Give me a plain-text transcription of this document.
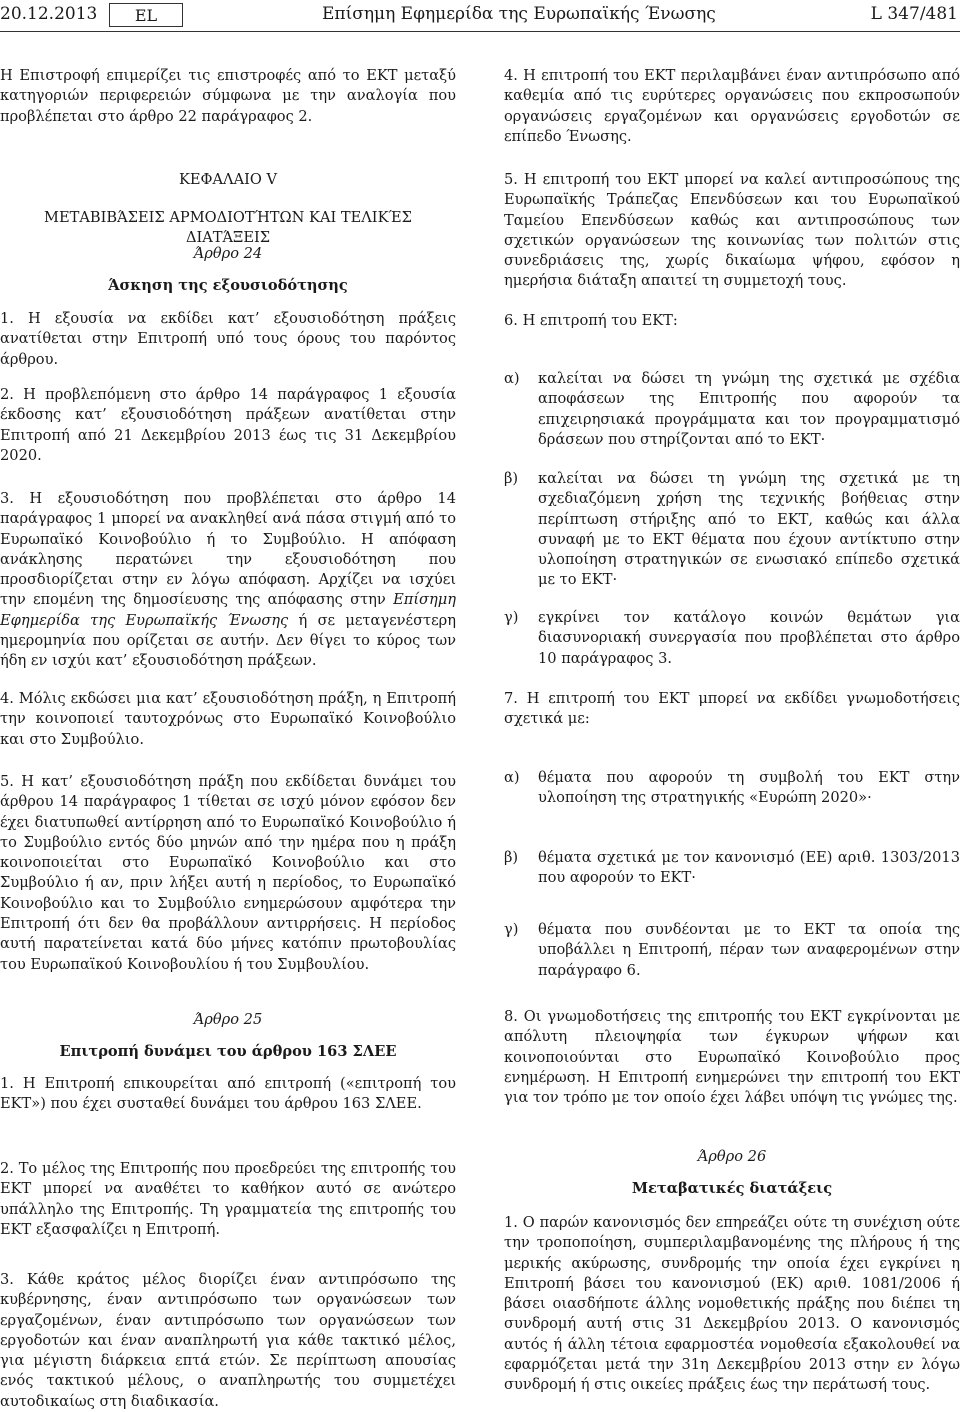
20.12.2013	EL	Επίσημη Εφημερίδα της Ευρωπαϊκής Ένωσης	L 347/481

Η Επιστροφή επιμερίζει τις επιστροφές από το ΕΚΤ μεταξύ κατηγοριών περιφερειών σύμφωνα με την αναλογία που προβλέπεται στο άρθρο 22 παράγραφος 2.

ΚΕΦΑΛΑΙΟ V

ΜΕΤΑΒΙΒΆΣΕΙΣ ΑΡΜΟΔΙΟΤΉΤΩΝ ΚΑΙ ΤΕΛΙΚΈΣ ΔΙΑΤΆΞΕΙΣ

Άρθρο 24

Άσκηση της εξουσιοδότησης

1. Η εξουσία να εκδίδει κατ’ εξουσιοδότηση πράξεις ανατίθεται στην Επιτροπή υπό τους όρους του παρόντος άρθρου.

2. Η προβλεπόμενη στο άρθρο 14 παράγραφος 1 εξουσία έκδοσης κατ’ εξουσιοδότηση πράξεων ανατίθεται στην Επιτροπή από 21 Δεκεμβρίου 2013 έως τις 31 Δεκεμβρίου 2020.

3. Η εξουσιοδότηση που προβλέπεται στο άρθρο 14 παράγραφος 1 μπορεί να ανακληθεί ανά πάσα στιγμή από το Ευρωπαϊκό Κοινοβούλιο ή το Συμβούλιο. Η απόφαση ανάκλησης περατώνει την εξουσιοδότηση που προσδιορίζεται στην εν λόγω απόφαση. Αρχίζει να ισχύει την επομένη της δημοσίευσης της απόφασης στην Επίσημη Εφημερίδα της Ευρωπαϊκής Ένωσης ή σε μεταγενέστερη ημερομηνία που ορίζεται σε αυτήν. Δεν θίγει το κύρος των ήδη εν ισχύι κατ’ εξουσιοδότηση πράξεων.

4. Μόλις εκδώσει μια κατ’ εξουσιοδότηση πράξη, η Επιτροπή την κοινοποιεί ταυτοχρόνως στο Ευρωπαϊκό Κοινοβούλιο και στο Συμβούλιο.

5. Η κατ’ εξουσιοδότηση πράξη που εκδίδεται δυνάμει του άρθρου 14 παράγραφος 1 τίθεται σε ισχύ μόνον εφόσον δεν έχει διατυπωθεί αντίρρηση από το Ευρωπαϊκό Κοινοβούλιο ή το Συμβούλιο εντός δύο μηνών από την ημέρα που η πράξη κοινοποιείται στο Ευρωπαϊκό Κοινοβούλιο και στο Συμβούλιο ή αν, πριν λήξει αυτή η περίοδος, το Ευρωπαϊκό Κοινοβούλιο και το Συμβούλιο ενημερώσουν αμφότερα την Επιτροπή ότι δεν θα προβάλλουν αντιρρήσεις. Η περίοδος αυτή παρατείνεται κατά δύο μήνες κατόπιν πρωτοβουλίας του Ευρωπαϊκού Κοινοβουλίου ή του Συμβουλίου.

Άρθρο 25

Επιτροπή δυνάμει του άρθρου 163 ΣΛΕΕ

1. Η Επιτροπή επικουρείται από επιτροπή («επιτροπή του ΕΚΤ») που έχει συσταθεί δυνάμει του άρθρου 163 ΣΛΕΕ.

2. Το μέλος της Επιτροπής που προεδρεύει της επιτροπής του ΕΚΤ μπορεί να αναθέτει το καθήκον αυτό σε ανώτερο υπάλληλο της Επιτροπής. Τη γραμματεία της επιτροπής του ΕΚΤ εξασφαλίζει η Επιτροπή.

3. Κάθε κράτος μέλος διορίζει έναν αντιπρόσωπο της κυβέρνησης, έναν αντιπρόσωπο των οργανώσεων των εργαζομένων, έναν αντιπρόσωπο των οργανώσεων των εργοδοτών και έναν αναπληρωτή για κάθε τακτικό μέλος, για μέγιστη διάρκεια επτά ετών. Σε περίπτωση απουσίας ενός τακτικού μέλους, ο αναπληρωτής του συμμετέχει αυτοδικαίως στη διαδικασία.

4. Η επιτροπή του ΕΚΤ περιλαμβάνει έναν αντιπρόσωπο από καθεμία από τις ευρύτερες οργανώσεις που εκπροσωπούν οργανώσεις εργαζομένων και οργανώσεις εργοδοτών σε επίπεδο Ένωσης.

5. Η επιτροπή του ΕΚΤ μπορεί να καλεί αντιπροσώπους της Ευρωπαϊκής Τράπεζας Επενδύσεων και του Ευρωπαϊκού Ταμείου Επενδύσεων καθώς και αντιπροσώπους των σχετικών οργανώσεων της κοινωνίας των πολιτών στις συνεδριάσεις της, χωρίς δικαίωμα ψήφου, εφόσον η ημερήσια διάταξη απαιτεί τη συμμετοχή τους.

6. Η επιτροπή του ΕΚΤ:

α) καλείται να δώσει τη γνώμη της σχετικά με σχέδια αποφάσεων της Επιτροπής που αφορούν τα επιχειρησιακά προγράμματα και τον προγραμματισμό δράσεων που στηρίζονται από το ΕΚΤ·
β) καλείται να δώσει τη γνώμη της σχετικά με τη σχεδιαζόμενη χρήση της τεχνικής βοήθειας στην περίπτωση στήριξης από το ΕΚΤ, καθώς και άλλα συναφή με το ΕΚΤ θέματα που έχουν αντίκτυπο στην υλοποίηση στρατηγικών σε ενωσιακό επίπεδο σχετικά με το ΕΚΤ·
γ) εγκρίνει τον κατάλογο κοινών θεμάτων για διασυνοριακή συνεργασία που προβλέπεται στο άρθρο 10 παράγραφος 3.

7. Η επιτροπή του ΕΚΤ μπορεί να εκδίδει γνωμοδοτήσεις σχετικά με:

α) θέματα που αφορούν τη συμβολή του ΕΚΤ στην υλοποίηση της στρατηγικής «Ευρώπη 2020»·
β) θέματα σχετικά με τον κανονισμό (ΕΕ) αριθ. 1303/2013 που αφορούν το ΕΚΤ·
γ) θέματα που συνδέονται με το ΕΚΤ τα οποία της υποβάλλει η Επιτροπή, πέραν των αναφερομένων στην παράγραφο 6.

8. Οι γνωμοδοτήσεις της επιτροπής του ΕΚΤ εγκρίνονται με απόλυτη πλειοψηφία των έγκυρων ψήφων και κοινοποιούνται στο Ευρωπαϊκό Κοινοβούλιο προς ενημέρωση. Η Επιτροπή ενημερώνει την επιτροπή του ΕΚΤ για τον τρόπο με τον οποίο έχει λάβει υπόψη τις γνώμες της.

Άρθρο 26

Μεταβατικές διατάξεις

1. Ο παρών κανονισμός δεν επηρεάζει ούτε τη συνέχιση ούτε την τροποποίηση, συμπεριλαμβανομένης της πλήρους ή της μερικής ακύρωσης, συνδρομής την οποία έχει εγκρίνει η Επιτροπή βάσει του κανονισμού (ΕΚ) αριθ. 1081/2006 ή βάσει οιασδήποτε άλλης νομοθετικής πράξης που διέπει τη συνδρομή αυτή στις 31 Δεκεμβρίου 2013. Ο κανονισμός αυτός ή άλλη τέτοια εφαρμοστέα νομοθεσία εξακολουθεί να εφαρμόζεται μετά την 31η Δεκεμβρίου 2013 στην εν λόγω συνδρομή ή στις οικείες πράξεις έως την περάτωσή τους.
